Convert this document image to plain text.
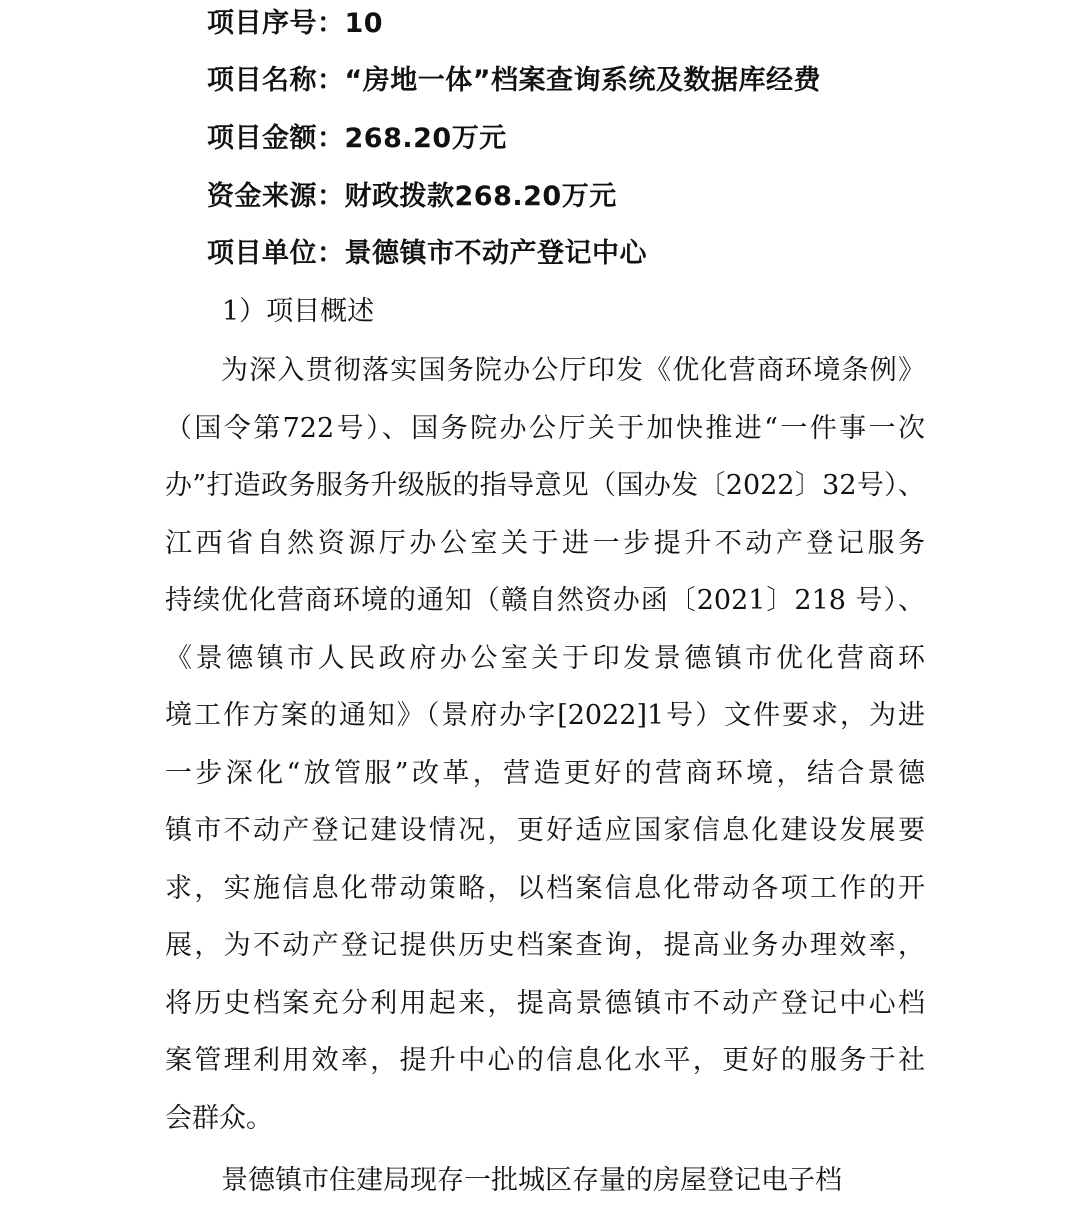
项目序号：10
项目名称：“房地一体”档案查询系统及数据库经费
项目金额：268.20万元
资金来源：财政拨款268.20万元
项目单位：景德镇市不动产登记中心
1）项目概述
为深入贯彻落实国务院办公厅印发《优化营商环境条例》
（国令第722号）、国务院办公厅关于加快推进“一件事一次
办”打造政务服务升级版的指导意见（国办发〔2022〕32号）、
江西省自然资源厅办公室关于进一步提升不动产登记服务
持续优化营商环境的通知（赣自然资办函〔2021〕218 号）、
《景德镇市人民政府办公室关于印发景德镇市优化营商环
境工作方案的通知》（景府办字[2022]1号）文件要求，为进
一步深化“放管服”改革，营造更好的营商环境，结合景德
镇市不动产登记建设情况，更好适应国家信息化建设发展要
求，实施信息化带动策略，以档案信息化带动各项工作的开
展，为不动产登记提供历史档案查询，提高业务办理效率，
将历史档案充分利用起来，提高景德镇市不动产登记中心档
案管理利用效率，提升中心的信息化水平，更好的服务于社
会群众。
景德镇市住建局现存一批城区存量的房屋登记电子档
